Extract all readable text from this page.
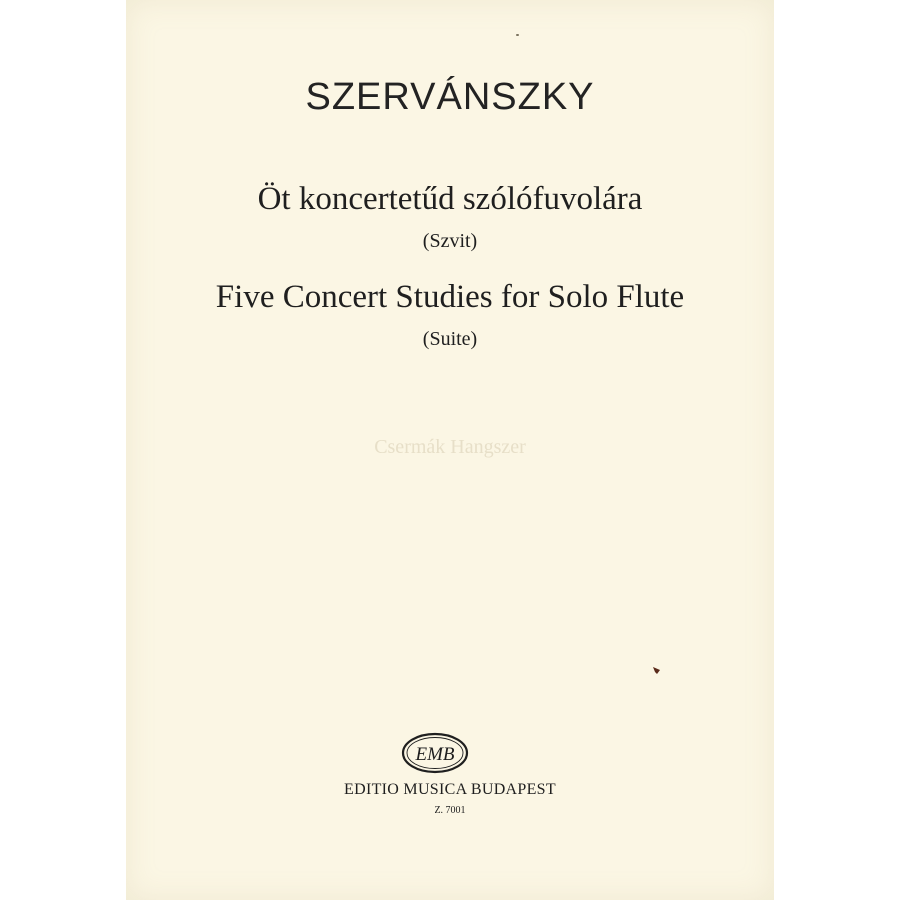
SZERVÁNSZKY
Öt koncertetűd szólófuvolára
(Szvit)
Five Concert Studies for Solo Flute
(Suite)
Csermák Hangszer
EMB
EDITIO MUSICA BUDAPEST
Z. 7001
